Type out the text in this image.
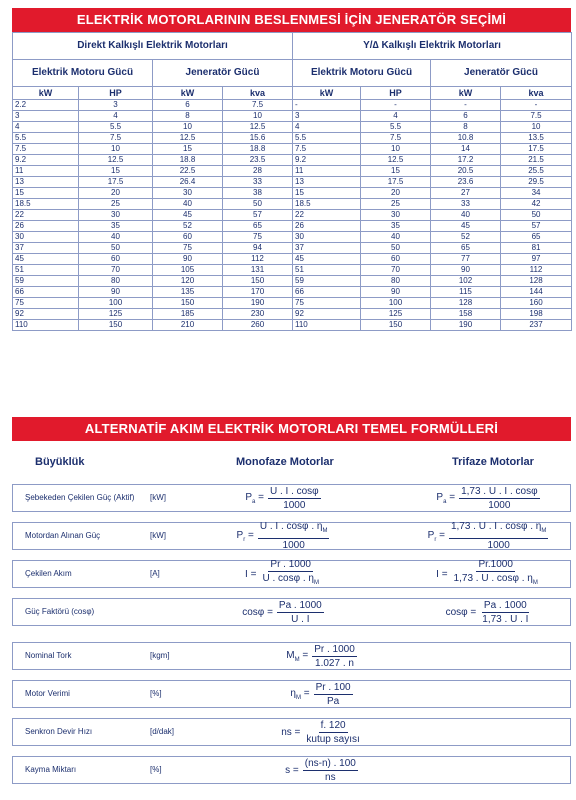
ELEKTRİK MOTORLARININ BESLENMESİ İÇİN JENERATÖR SEÇİMİ
Direkt Kalkışlı Elektrik Motorları				Y/∆ Kalkışlı Elektrik Motorları			
Elektrik Motoru Gücü		Jeneratör Gücü		Elektrik Motoru Gücü		Jeneratör Gücü	
kW	HP	kW	kva	kW	HP	kW	kva
2.2	3	6	7.5	-	-	-	-
3	4	8	10	3	4	6	7.5
4	5.5	10	12.5	4	5.5	8	10
5.5	7.5	12.5	15.6	5.5	7.5	10.8	13.5
7.5	10	15	18.8	7.5	10	14	17.5
9.2	12.5	18.8	23.5	9.2	12.5	17.2	21.5
11	15	22.5	28	11	15	20.5	25.5
13	17.5	26.4	33	13	17.5	23.6	29.5
15	20	30	38	15	20	27	34
18.5	25	40	50	18.5	25	33	42
22	30	45	57	22	30	40	50
26	35	52	65	26	35	45	57
30	40	60	75	30	40	52	65
37	50	75	94	37	50	65	81
45	60	90	112	45	60	77	97
51	70	105	131	51	70	90	112
59	80	120	150	59	80	102	128
66	90	135	170	66	90	115	144
75	100	150	190	75	100	128	160
92	125	185	230	92	125	158	198
110	150	210	260	110	150	190	237
ALTERNATİF AKIM ELEKTRİK MOTORLARI TEMEL FORMÜLLERİ
Büyüklük	Monofaze Motorlar	Trifaze Motorlar
Şebekeden Çekilen Güç (Aktif) [kW]	$P_a = \frac{U . I . \cos\varphi}{1000}$	$P_a = \frac{1,73 . U . I . \cos\varphi}{1000}$
Motordan Alınan Güç	[kW]	$P_r = \frac{U . I . \cos\varphi . \eta_M}{1000}$	$P_r = \frac{1,73 . U . I . \cos\varphi . \eta_M}{1000}$
Çekilen Akım	[A]	$I = \frac{Pr . 1000}{U . \cos\varphi . \eta_M}$	$I = \frac{Pr.1000}{1,73 . U . \cos\varphi . \eta_M}$
Güç Faktörü (cosφ)	$\cos\varphi = \frac{Pa . 1000}{U . I}$	$\cos\varphi = \frac{Pa . 1000}{1,73 . U . I}$
Nominal Tork	[kgm]	$M_M = \frac{Pr . 1000}{1.027 . n}$
Motor Verimi	[%]	$\eta_M = \frac{Pr . 100}{Pa}$
Senkron Devir Hızı	[d/dak]	ns = $\frac{f. 120}{\text{kutup sayısı}}$
Kayma Miktarı	[%]	$s = \frac{(ns-n) . 100}{ns}$
